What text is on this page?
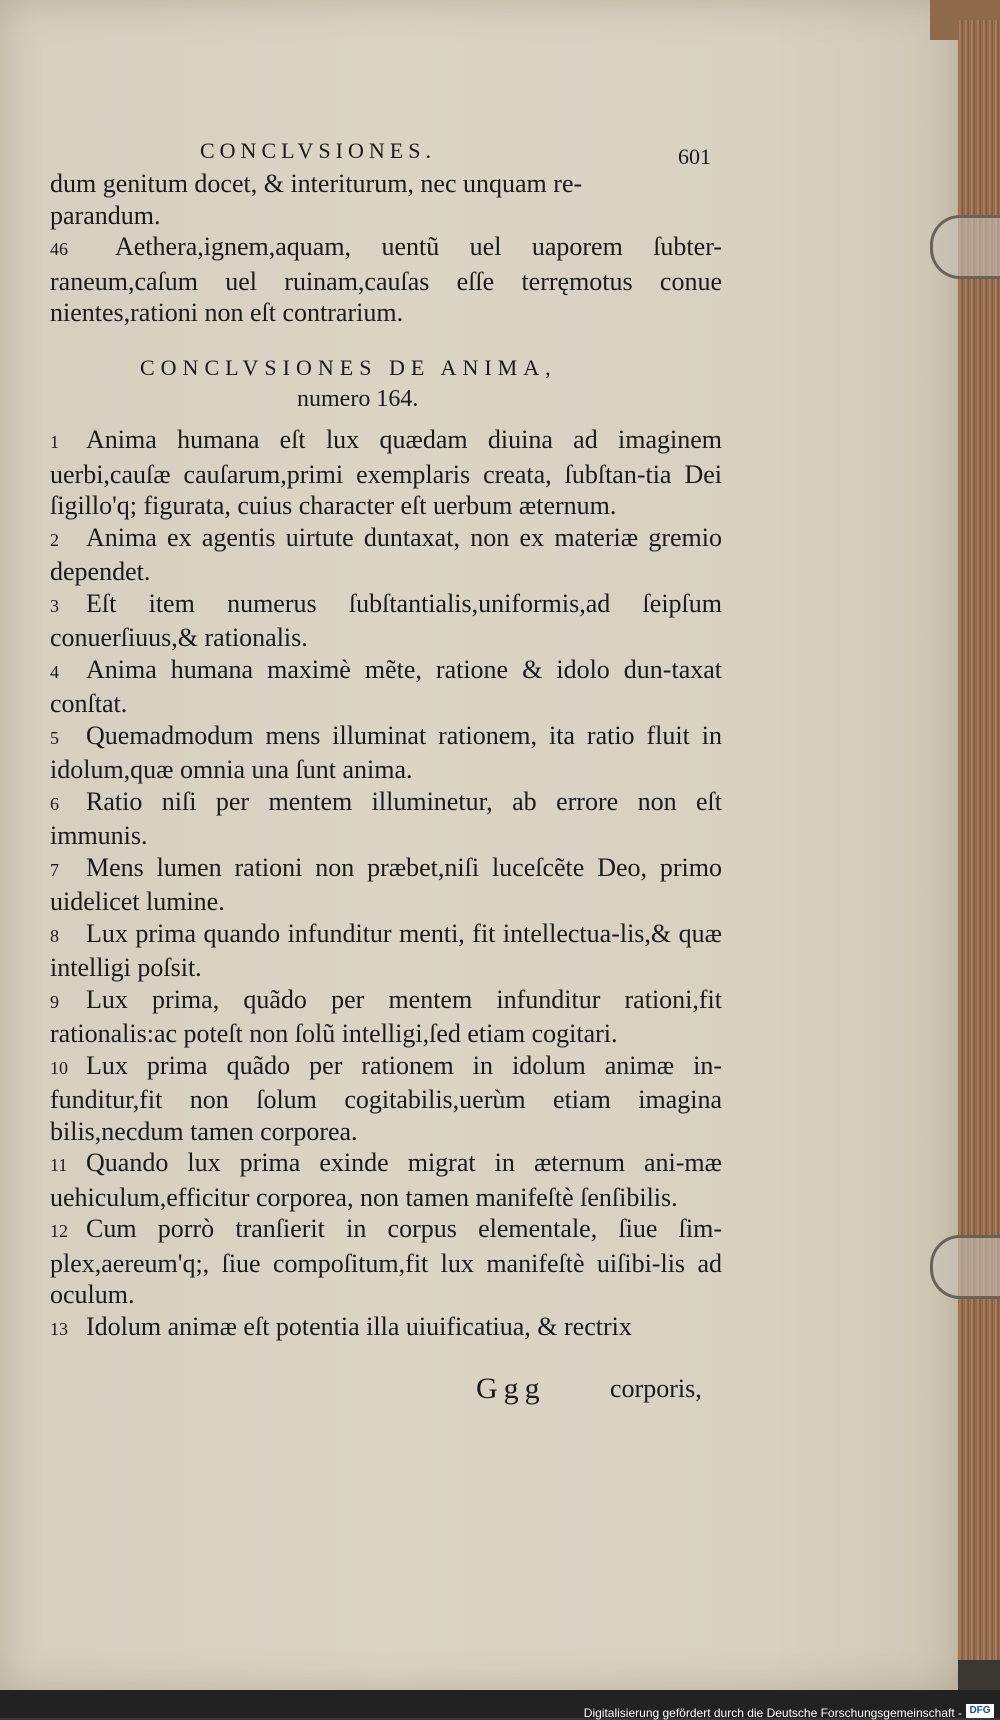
CONCLVSIONES.	601

dum genitum docet, & interiturum, nec unquam re-

parandum.

46 Aethera,ignem,aquam, uentũ uel uaporem ſubter-raneum,caſum uel ruinam,cauſas eſſe terręmotus conue nientes,rationi non eſt contrarium.

CONCLVSIONES DE ANIMA,
numero 164.

1 Anima humana eſt lux quædam diuina ad imaginem uerbi,cauſæ cauſarum,primi exemplaris creata, ſubſtan-tia Dei ſigillo'q; figurata, cuius character eſt uerbum æternum.

2 Anima ex agentis uirtute duntaxat, non ex materiæ gremio dependet.

3 Eſt item numerus ſubſtantialis,uniformis,ad ſeipſum conuerſiuus,& rationalis.

4 Anima humana maximè mẽte, ratione & idolo dun-taxat conſtat.

5 Quemadmodum mens illuminat rationem, ita ratio fluit in idolum,quæ omnia una ſunt anima.

6 Ratio niſi per mentem illuminetur, ab errore non eſt immunis.

7 Mens lumen rationi non præbet,niſi luceſcẽte Deo, primo uidelicet lumine.

8 Lux prima quando infunditur menti, fit intellectua-lis,& quæ intelligi poſsit.

9 Lux prima, quãdo per mentem infunditur rationi,fit rationalis:ac poteſt non ſolũ intelligi,ſed etiam cogitari.

10 Lux prima quãdo per rationem in idolum animæ in-funditur,fit non ſolum cogitabilis,uerùm etiam imagina bilis,necdum tamen corporea.

11 Quando lux prima exinde migrat in æternum ani-mæ uehiculum,efficitur corporea, non tamen manifeſtè ſenſibilis.

12 Cum porrò tranſierit in corpus elementale, ſiue ſim-plex,aereum'q;, ſiue compoſitum,fit lux manifeſtè uiſibi-lis ad oculum.

13 Idolum animæ eſt potentia illa uiuificatiua, & rectrix

Ggg corporis,
Digitalisierung gefördert durch die Deutsche Forschungsgemeinschaft - DFG
